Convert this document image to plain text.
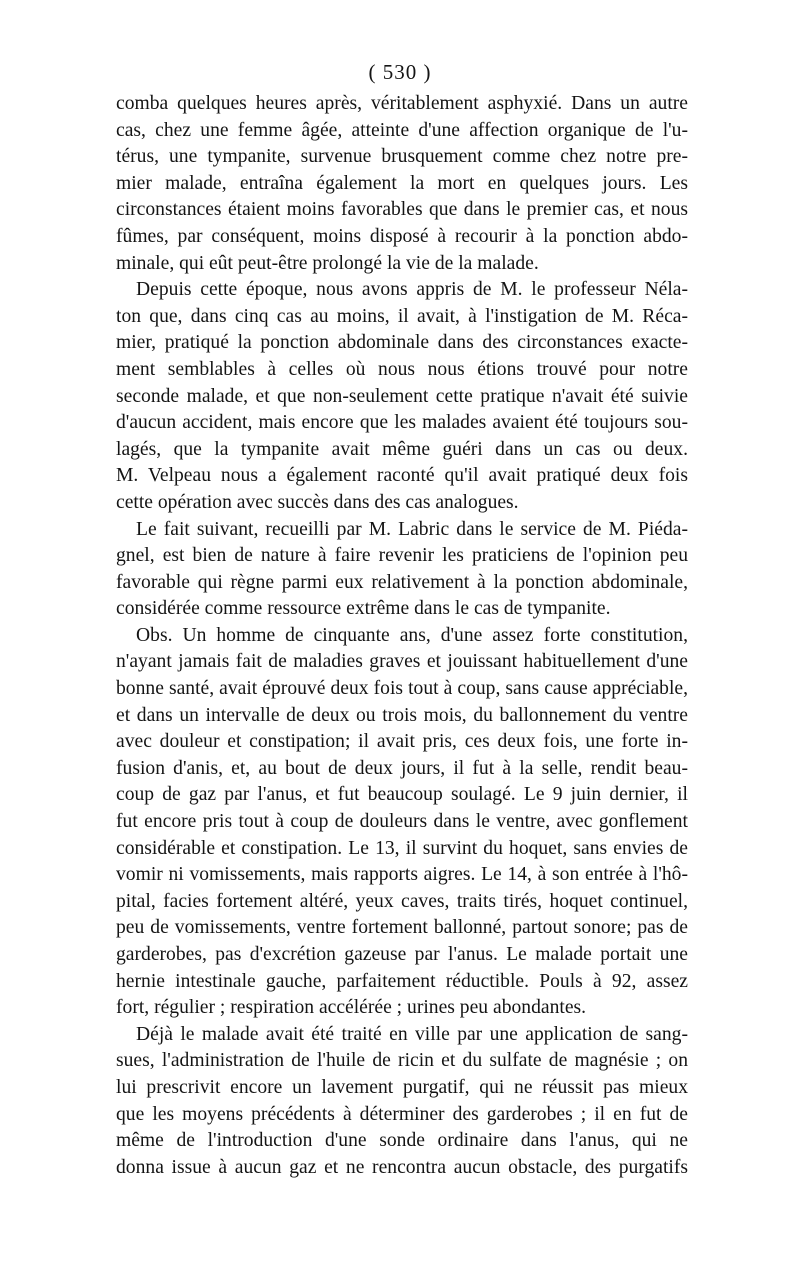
( 530 )
comba quelques heures après, véritablement asphyxié. Dans un autre
cas, chez une femme âgée, atteinte d'une affection organique de l'u-
térus, une tympanite, survenue brusquement comme chez notre pre-
mier malade, entraîna également la mort en quelques jours. Les
circonstances étaient moins favorables que dans le premier cas, et nous
fûmes, par conséquent, moins disposé à recourir à la ponction abdo-
minale, qui eût peut-être prolongé la vie de la malade.
Depuis cette époque, nous avons appris de M. le professeur Néla-
ton que, dans cinq cas au moins, il avait, à l'instigation de M. Réca-
mier, pratiqué la ponction abdominale dans des circonstances exacte-
ment semblables à celles où nous nous étions trouvé pour notre
seconde malade, et que non-seulement cette pratique n'avait été suivie
d'aucun accident, mais encore que les malades avaient été toujours sou-
lagés, que la tympanite avait même guéri dans un cas ou deux.
M. Velpeau nous a également raconté qu'il avait pratiqué deux fois
cette opération avec succès dans des cas analogues.
Le fait suivant, recueilli par M. Labric dans le service de M. Piéda-
gnel, est bien de nature à faire revenir les praticiens de l'opinion peu
favorable qui règne parmi eux relativement à la ponction abdominale,
considérée comme ressource extrême dans le cas de tympanite.
Obs. Un homme de cinquante ans, d'une assez forte constitution,
n'ayant jamais fait de maladies graves et jouissant habituellement d'une
bonne santé, avait éprouvé deux fois tout à coup, sans cause appréciable,
et dans un intervalle de deux ou trois mois, du ballonnement du ventre
avec douleur et constipation; il avait pris, ces deux fois, une forte in-
fusion d'anis, et, au bout de deux jours, il fut à la selle, rendit beau-
coup de gaz par l'anus, et fut beaucoup soulagé. Le 9 juin dernier, il
fut encore pris tout à coup de douleurs dans le ventre, avec gonflement
considérable et constipation. Le 13, il survint du hoquet, sans envies de
vomir ni vomissements, mais rapports aigres. Le 14, à son entrée à l'hô-
pital, facies fortement altéré, yeux caves, traits tirés, hoquet continuel,
peu de vomissements, ventre fortement ballonné, partout sonore; pas de
garderobes, pas d'excrétion gazeuse par l'anus. Le malade portait une
hernie intestinale gauche, parfaitement réductible. Pouls à 92, assez
fort, régulier ; respiration accélérée ; urines peu abondantes.
Déjà le malade avait été traité en ville par une application de sang-
sues, l'administration de l'huile de ricin et du sulfate de magnésie ; on
lui prescrivit encore un lavement purgatif, qui ne réussit pas mieux
que les moyens précédents à déterminer des garderobes ; il en fut de
même de l'introduction d'une sonde ordinaire dans l'anus, qui ne
donna issue à aucun gaz et ne rencontra aucun obstacle, des purgatifs
